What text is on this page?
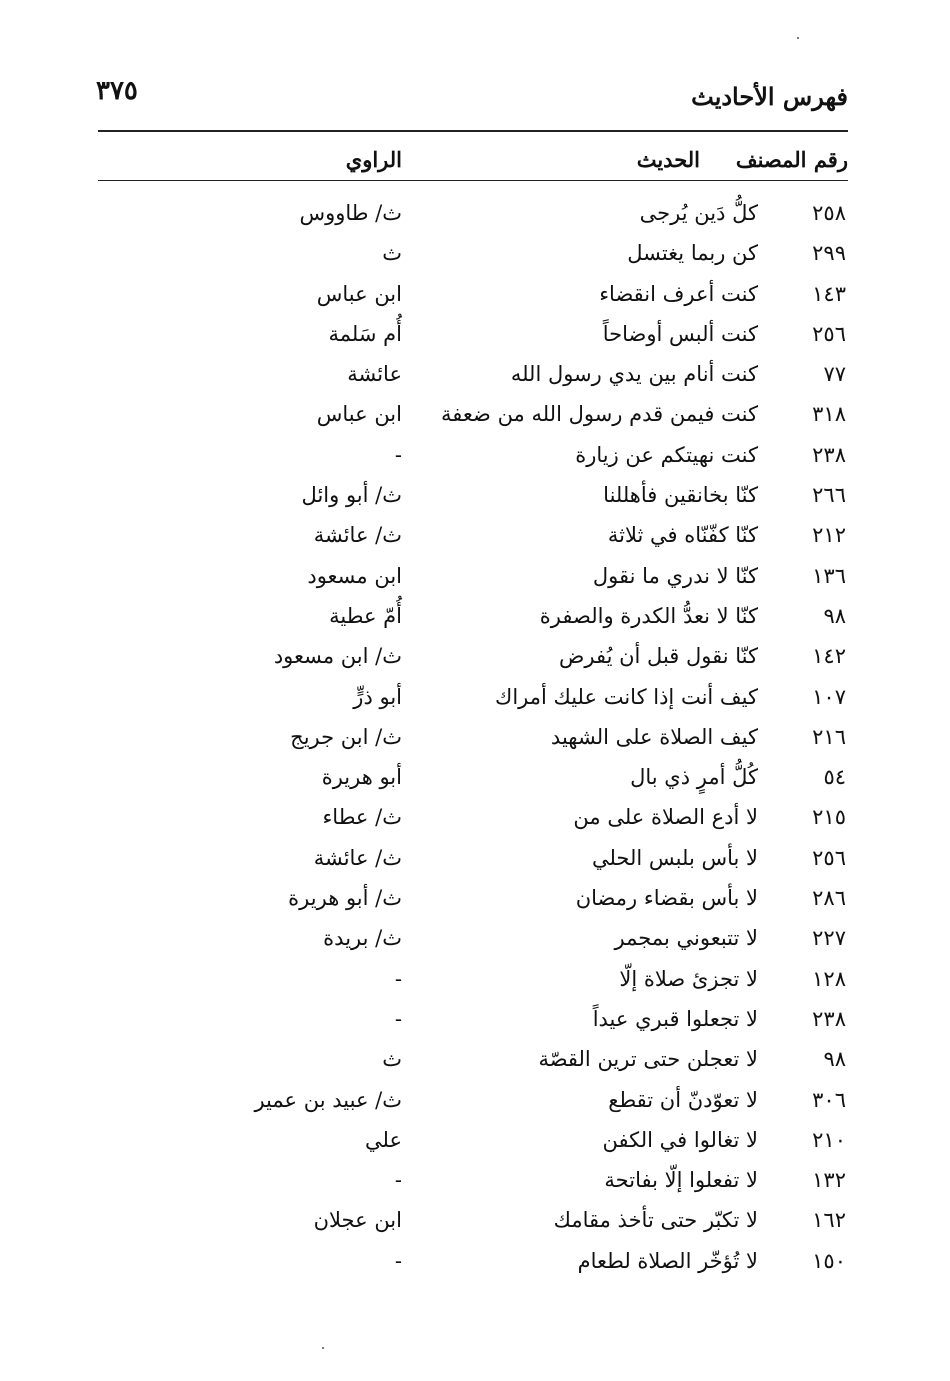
فهرس الأحاديث
٣٧٥
رقم المصنف
الحديث
الراوي
٢٥٨
كلُّ دَين يُرجى
ث/ طاووس
٢٩٩
كن ربما يغتسل
ث
١٤٣
كنت أعرف انقضاء
ابن عباس
٢٥٦
كنت ألبس أوضاحاً
أُم سَلمة
٧٧
كنت أنام بين يدي رسول الله
عائشة
٣١٨
كنت فيمن قدم رسول الله من ضعفة
ابن عباس
٢٣٨
كنت نهيتكم عن زيارة
-
٢٦٦
كنّا بخانقين فأهللنا
ث/ أبو وائل
٢١٢
كنّا كفّنّاه في ثلاثة
ث/ عائشة
١٣٦
كنّا لا ندري ما نقول
ابن مسعود
٩٨
كنّا لا نعدُّ الكدرة والصفرة
أُمّ عطية
١٤٢
كنّا نقول قبل أن يُفرض
ث/ ابن مسعود
١٠٧
كيف أنت إذا كانت عليك أمراك
أبو ذرٍّ
٢١٦
كيف الصلاة على الشهيد
ث/ ابن جريج
٥٤
كُلُّ أمرٍ ذي بال
أبو هريرة
٢١٥
لا أدع الصلاة على من
ث/ عطاء
٢٥٦
لا بأس بلبس الحلي
ث/ عائشة
٢٨٦
لا بأس بقضاء رمضان
ث/ أبو هريرة
٢٢٧
لا تتبعوني بمجمر
ث/ بريدة
١٢٨
لا تجزئ صلاة إلّا
-
٢٣٨
لا تجعلوا قبري عيداً
-
٩٨
لا تعجلن حتى ترين القصّة
ث
٣٠٦
لا تعوّدنّ أن تقطع
ث/ عبيد بن عمير
٢١٠
لا تغالوا في الكفن
علي
١٣٢
لا تفعلوا إلّا بفاتحة
-
١٦٢
لا تكبّر حتى تأخذ مقامك
ابن عجلان
١٥٠
لا تُؤخّر الصلاة لطعام
-
